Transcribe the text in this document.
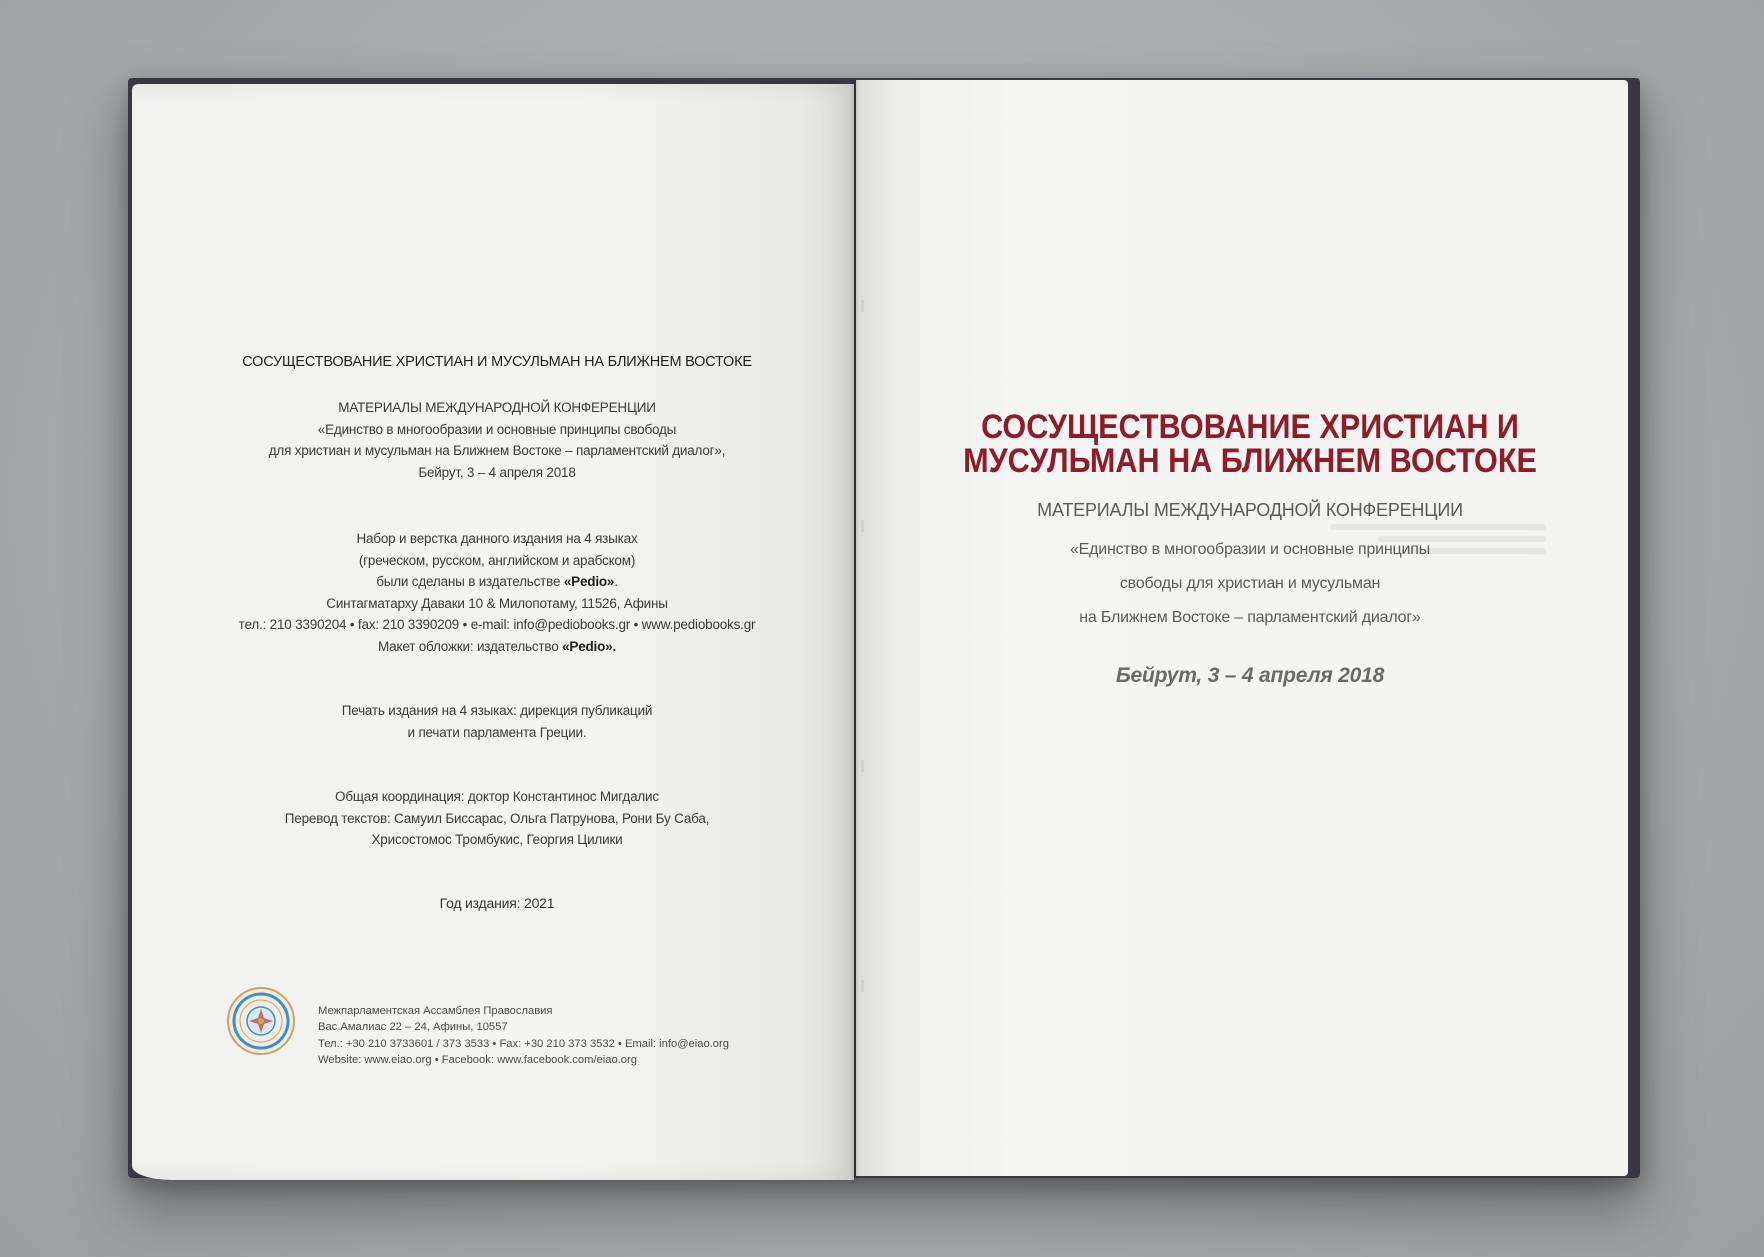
СОСУЩЕСТВОВАНИЕ ХРИСТИАН И МУСУЛЬМАН НА БЛИЖНЕМ ВОСТОКЕ
МАТЕРИАЛЫ МЕЖДУНАРОДНОЙ КОНФЕРЕНЦИИ
«Единство в многообразии и основные принципы свободы
для христиан и мусульман на Ближнем Востоке – парламентский диалог»,
Бейрут, 3 – 4 апреля 2018
Набор и верстка данного издания на 4 языках
(греческом, русском, английском и арабском)
были сделаны в издательстве «Pedio».
Синтагматарху Даваки 10 & Милопотаму, 11526, Афины
тел.: 210 3390204 • fax: 210 3390209 • e-mail: info@pediobooks.gr • www.pediobooks.gr
Макет обложки: издательство «Pedio».
Печать издания на 4 языках: дирекция публикаций
и печати парламента Греции.
Общая координация: доктор Константинос Мигдалис
Перевод текстов: Самуил Биссарас, Ольга Патрунова, Рони Бу Саба,
Хрисостомос Тромбукис, Георгия Цилики
Год издания: 2021
Межпарламентская Ассамблея Православия
Вас.Амалиас 22 – 24, Афины, 10557
Тел.: +30 210 3733601 / 373 3533 • Fax: +30 210 373 3532 • Email: info@eiao.org
Website: www.eiao.org • Facebook: www.facebook.com/eiao.org
СОСУЩЕСТВОВАНИЕ ХРИСТИАН И
МУСУЛЬМАН НА БЛИЖНЕМ ВОСТОКЕ
МАТЕРИАЛЫ МЕЖДУНАРОДНОЙ КОНФЕРЕНЦИИ
«Единство в многообразии и основные принципы
свободы для христиан и мусульман
на Ближнем Востоке – парламентский диалог»
Бейрут, 3 – 4 апреля 2018
